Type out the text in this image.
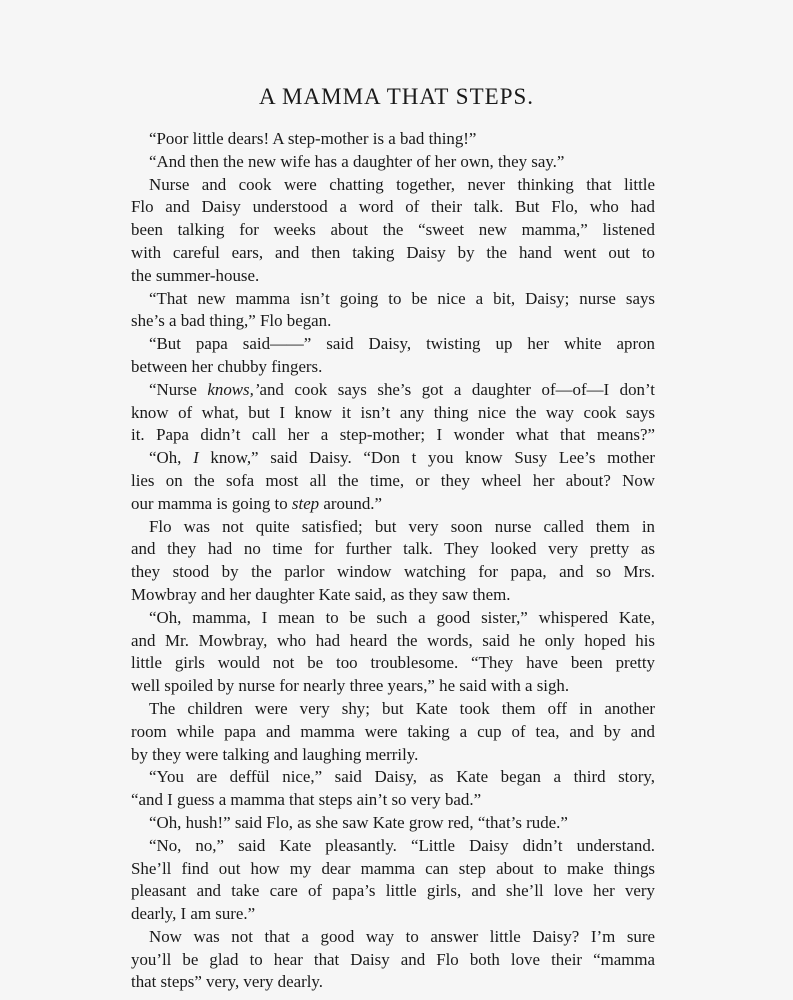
A MAMMA THAT STEPS.
“Poor little dears! A step-mother is a bad thing!”
“And then the new wife has a daughter of her own, they say.”
Nurse and cook were chatting together, never thinking that little
Flo and Daisy understood a word of their talk. But Flo, who had
been talking for weeks about the “sweet new mamma,” listened
with careful ears, and then taking Daisy by the hand went out to
the summer-house.
“That new mamma isn’t going to be nice a bit, Daisy; nurse says
she’s a bad thing,” Flo began.
“But papa said——” said Daisy, twisting up her white apron
between her chubby fingers.
“Nurse knows,’and cook says she’s got a daughter of—of—I don’t
know of what, but I know it isn’t any thing nice the way cook says
it. Papa didn’t call her a step-mother; I wonder what that means?”
“Oh, I know,” said Daisy. “Don t you know Susy Lee’s mother
lies on the sofa most all the time, or they wheel her about? Now
our mamma is going to step around.”
Flo was not quite satisfied; but very soon nurse called them in
and they had no time for further talk. They looked very pretty as
they stood by the parlor window watching for papa, and so Mrs.
Mowbray and her daughter Kate said, as they saw them.
“Oh, mamma, I mean to be such a good sister,” whispered Kate,
and Mr. Mowbray, who had heard the words, said he only hoped his
little girls would not be too troublesome. “They have been pretty
well spoiled by nurse for nearly three years,” he said with a sigh.
The children were very shy; but Kate took them off in another
room while papa and mamma were taking a cup of tea, and by and
by they were talking and laughing merrily.
“You are deffül nice,” said Daisy, as Kate began a third story,
“and I guess a mamma that steps ain’t so very bad.”
“Oh, hush!” said Flo, as she saw Kate grow red, “that’s rude.”
“No, no,” said Kate pleasantly. “Little Daisy didn’t understand.
She’ll find out how my dear mamma can step about to make things
pleasant and take care of papa’s little girls, and she’ll love her very
dearly, I am sure.”
Now was not that a good way to answer little Daisy? I’m sure
you’ll be glad to hear that Daisy and Flo both love their “mamma
that steps” very, very dearly.
